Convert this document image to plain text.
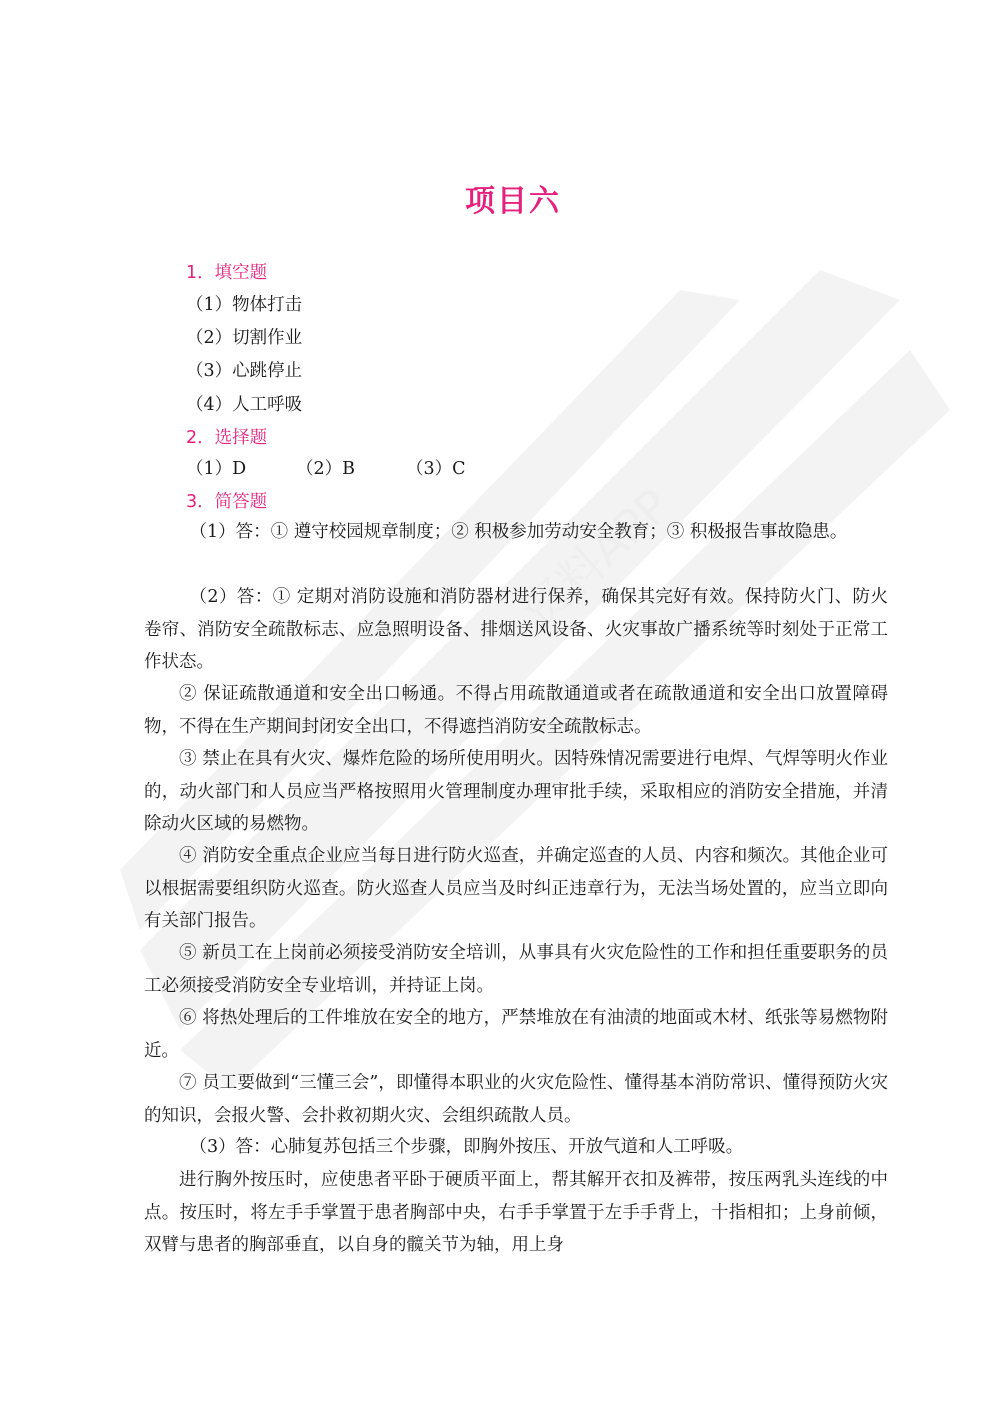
资料APP
项目六
1．填空题
（1）物体打击
（2）切割作业
（3）心跳停止
（4）人工呼吸
2．选择题
（1）D	（2）B	（3）C
3．简答题
（1）答：① 遵守校园规章制度；② 积极参加劳动安全教育；③ 积极报告事故隐患。
（2）答：① 定期对消防设施和消防器材进行保养，确保其完好有效。保持防火门、防火卷帘、消防安全疏散标志、应急照明设备、排烟送风设备、火灾事故广播系统等时刻处于正常工作状态。
② 保证疏散通道和安全出口畅通。不得占用疏散通道或者在疏散通道和安全出口放置障碍物，不得在生产期间封闭安全出口，不得遮挡消防安全疏散标志。
③ 禁止在具有火灾、爆炸危险的场所使用明火。因特殊情况需要进行电焊、气焊等明火作业的，动火部门和人员应当严格按照用火管理制度办理审批手续，采取相应的消防安全措施，并清除动火区域的易燃物。
④ 消防安全重点企业应当每日进行防火巡查，并确定巡查的人员、内容和频次。其他企业可以根据需要组织防火巡查。防火巡查人员应当及时纠正违章行为，无法当场处置的，应当立即向有关部门报告。
⑤ 新员工在上岗前必须接受消防安全培训，从事具有火灾危险性的工作和担任重要职务的员工必须接受消防安全专业培训，并持证上岗。
⑥ 将热处理后的工件堆放在安全的地方，严禁堆放在有油渍的地面或木材、纸张等易燃物附近。
⑦ 员工要做到“三懂三会”，即懂得本职业的火灾危险性、懂得基本消防常识、懂得预防火灾的知识，会报火警、会扑救初期火灾、会组织疏散人员。
（3）答：心肺复苏包括三个步骤，即胸外按压、开放气道和人工呼吸。
进行胸外按压时，应使患者平卧于硬质平面上，帮其解开衣扣及裤带，按压两乳头连线的中点。按压时，将左手手掌置于患者胸部中央，右手手掌置于左手手背上，十指相扣；上身前倾，双臂与患者的胸部垂直，以自身的髋关节为轴，用上身
